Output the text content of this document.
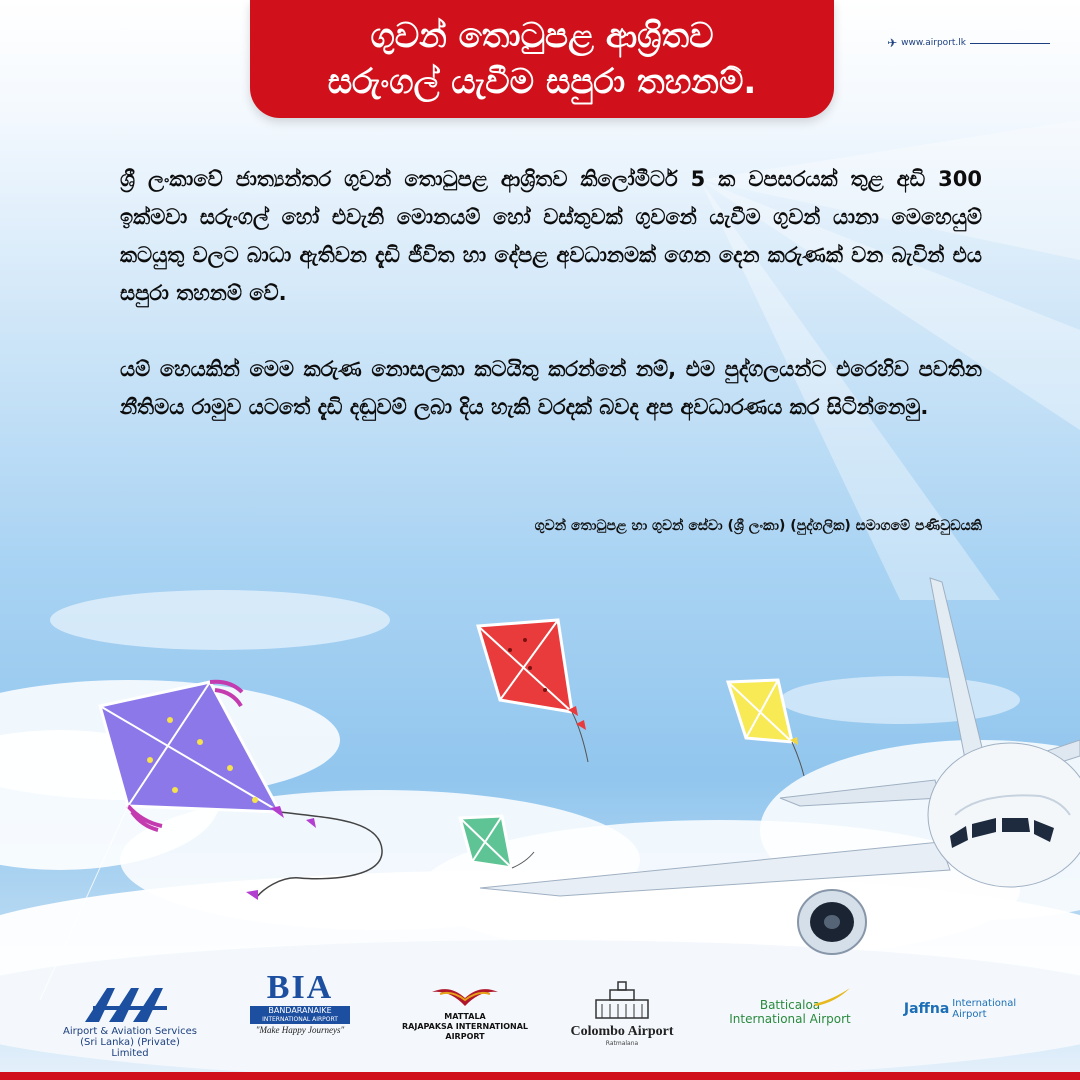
ගුවන් තොටුපළ ආශ්‍රිතව
සරුංගල් යැවීම සපුරා තහනම්.
✈ www.airport.lk

ශ්‍රී ලංකාවේ ජාත්‍යන්තර ගුවන් තොටුපළ ආශ්‍රිතව කිලෝමීටර් 5 ක වපසරයක් තුළ අඩි 300 ඉක්මවා සරුංගල් හෝ එවැනි මොනයම් හෝ වස්තුවක් ගුවනේ යැවීම ගුවන් යානා මෙහෙයුම් කටයුතු වලට බාධා ඇතිවන දැඩි ජීවිත හා දේපළ අවධානමක් ගෙන දෙන කරුණක් වන බැවින් එය සපුරා තහනම් වේ.

යම් හෙයකින් මෙම කරුණ නොසලකා කටයිතු කරන්නේ නම්, එම පුද්ගලයන්ට එරෙහිව පවතින නීතිමය රාමුව යටතේ දැඩි දඬුවම් ලබා දිය හැකි වරදක් බවද අප අවධාරණය කර සිටින්නෙමු.

ගුවන් තොටුපළ හා ගුවන් සේවා (ශ්‍රී ලංකා) (පුද්ගලික) සමාගමේ පණිවුඩයකි
Airport & Aviation Services
(Sri Lanka) (Private) Limited
BIA
BANDARANAIKE
INTERNATIONAL AIRPORT
"Make Happy Journeys"
MATTALA
RAJAPAKSA INTERNATIONAL
AIRPORT	Colombo Airport
Ratmalana
Batticaloa
International Airport
Jaffna International
Airport
